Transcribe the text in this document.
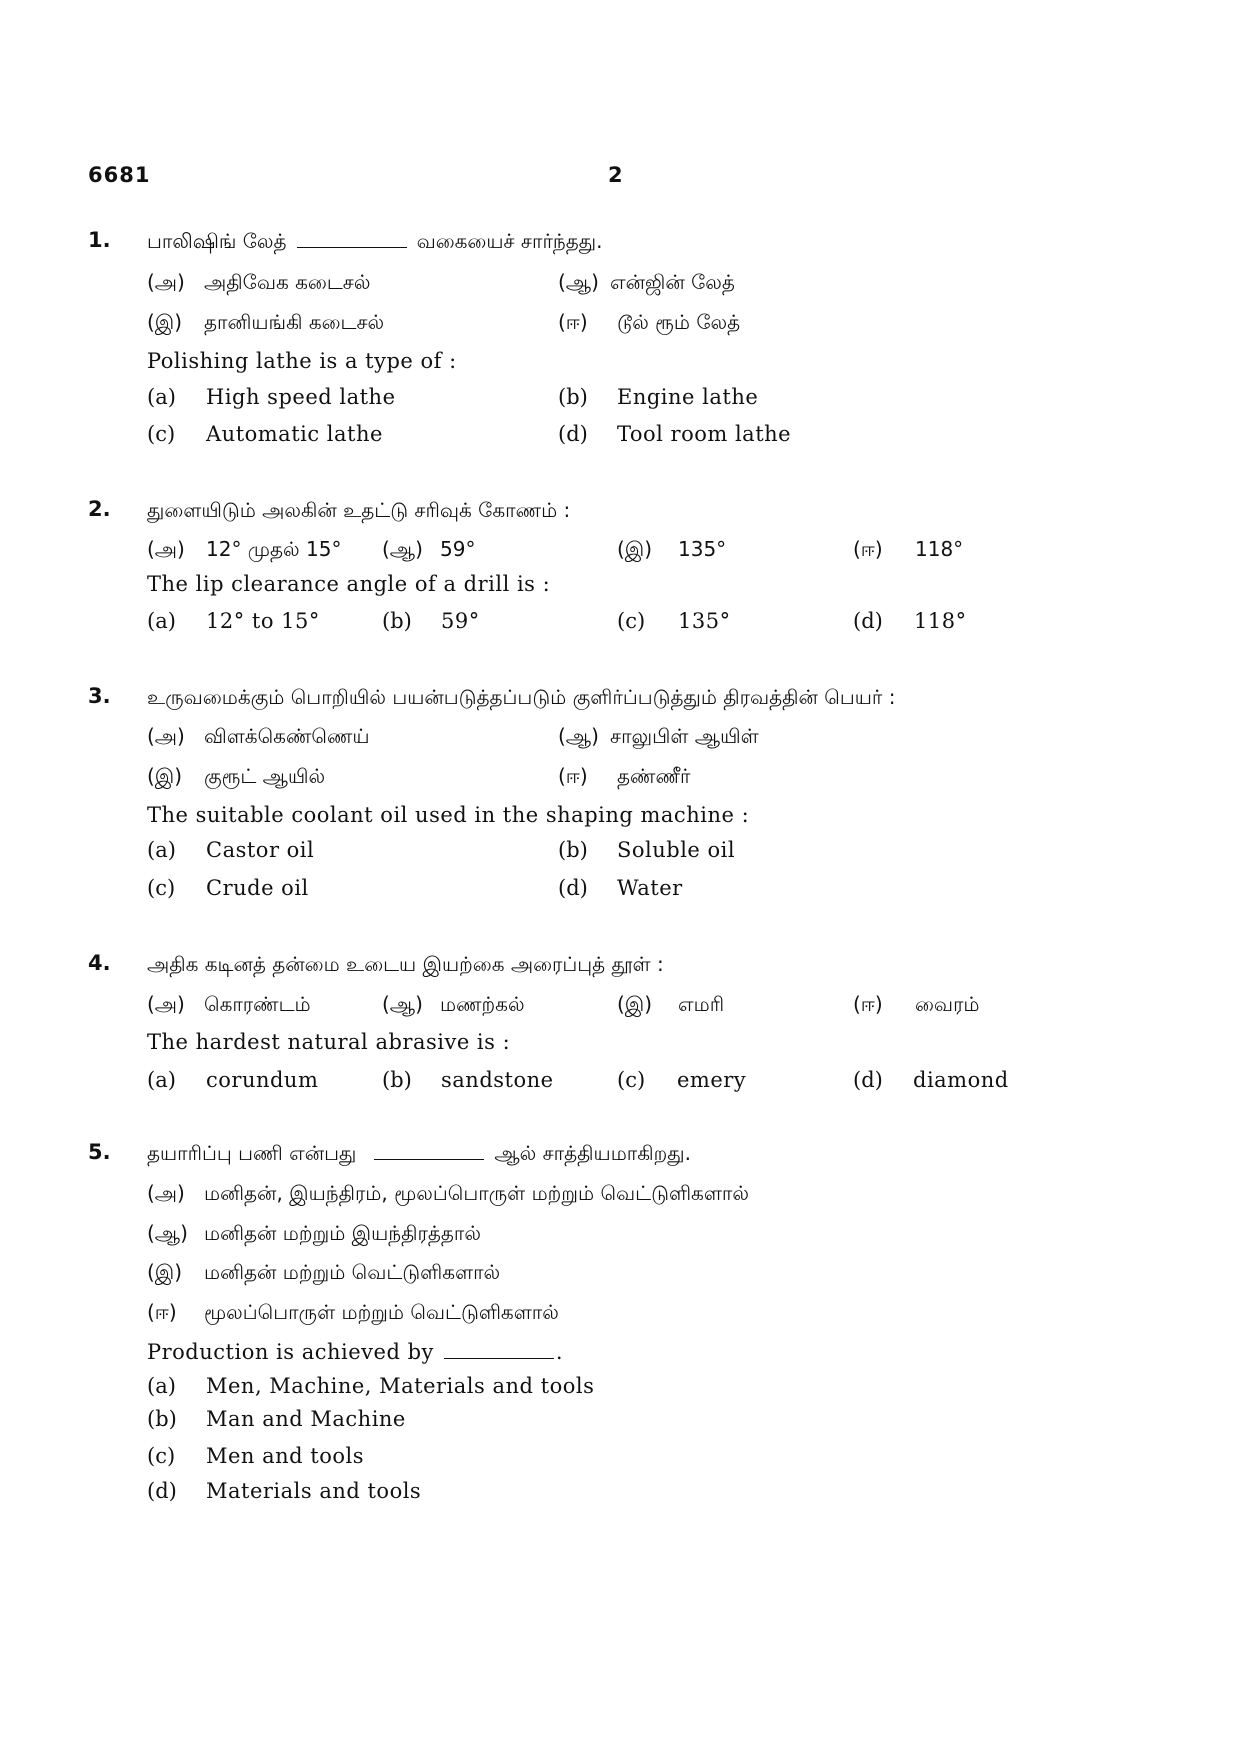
6681	2
1. பாலிஷிங் லேத்	வகையைச் சார்ந்தது.
(அ) அதிவேக கடைசல்	(ஆ) என்ஜின் லேத்
(இ) தானியங்கி கடைசல்	(ஈ) டூல் ரூம் லேத்
Polishing lathe is a type of :
(a) High speed lathe	(b) Engine lathe
(c) Automatic lathe	(d) Tool room lathe
2. துளையிடும் அலகின் உதட்டு சரிவுக் கோணம் :
(அ) 12° முதல் 15° (ஆ) 59°	(இ) 135°	(ஈ) 118°
The lip clearance angle of a drill is :
(a) 12° to 15°	(b) 59°	(c) 135°	(d) 118°
3. உருவமைக்கும் பொறியில் பயன்படுத்தப்படும் குளிர்ப்படுத்தும் திரவத்தின் பெயர் :
(அ) விளக்கெண்ணெய்	(ஆ) சாலுபிள் ஆயிள்
(இ) குரூட் ஆயில்	(ஈ) தண்ணீர்
The suitable coolant oil used in the shaping machine :
(a) Castor oil	(b) Soluble oil
(c) Crude oil	(d) Water
4. அதிக கடினத் தன்மை உடைய இயற்கை அரைப்புத் தூள் :
(அ) கொரண்டம்	(ஆ) மணற்கல்	(இ) எமரி	(ஈ) வைரம்
The hardest natural abrasive is :
(a) corundum	(b) sandstone	(c) emery	(d) diamond
5. தயாரிப்பு பணி என்பது	ஆல் சாத்தியமாகிறது.
(அ) மனிதன், இயந்திரம், மூலப்பொருள் மற்றும் வெட்டுளிகளால்
(ஆ) மனிதன் மற்றும் இயந்திரத்தால்
(இ) மனிதன் மற்றும் வெட்டுளிகளால்
(ஈ) மூலப்பொருள் மற்றும் வெட்டுளிகளால்
Production is achieved by	.
(a) Men, Machine, Materials and tools
(b) Man and Machine
(c) Men and tools
(d) Materials and tools
